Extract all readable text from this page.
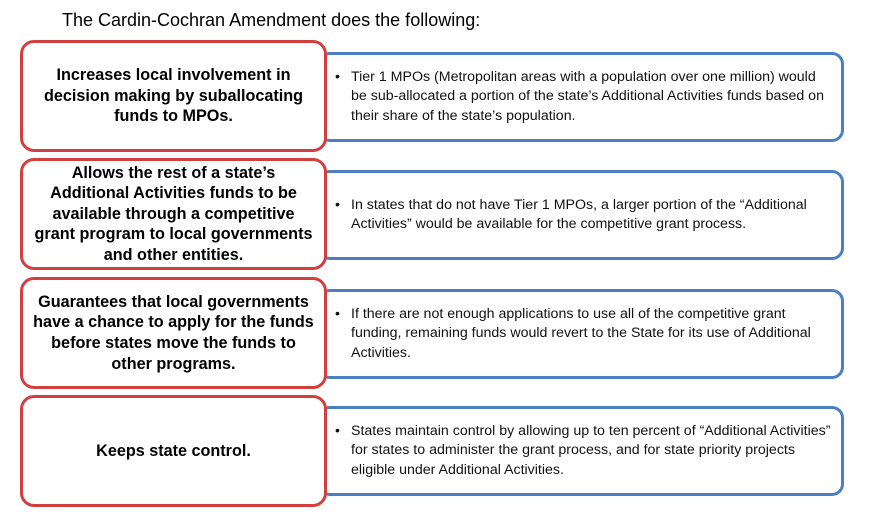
The Cardin-Cochran Amendment does the following:
• Tier 1 MPOs (Metropolitan areas with a population over one million) would be sub-allocated a portion of the state’s Additional Activities funds based on their share of the state’s population.
Increases local involvement in decision making by suballocating funds to MPOs.
• In states that do not have Tier 1 MPOs, a larger portion of the “Additional Activities” would be available for the competitive grant process.
Allows the rest of a state’s Additional Activities funds to be available through a competitive grant program to local governments and other entities.
• If there are not enough applications to use all of the competitive grant funding, remaining funds would revert to the State for its use of Additional Activities.
Guarantees that local governments have a chance to apply for the funds before states move the funds to other programs.
• States maintain control by allowing up to ten percent of “Additional Activities” for states to administer the grant process, and for state priority projects eligible under Additional Activities.
Keeps state control.
